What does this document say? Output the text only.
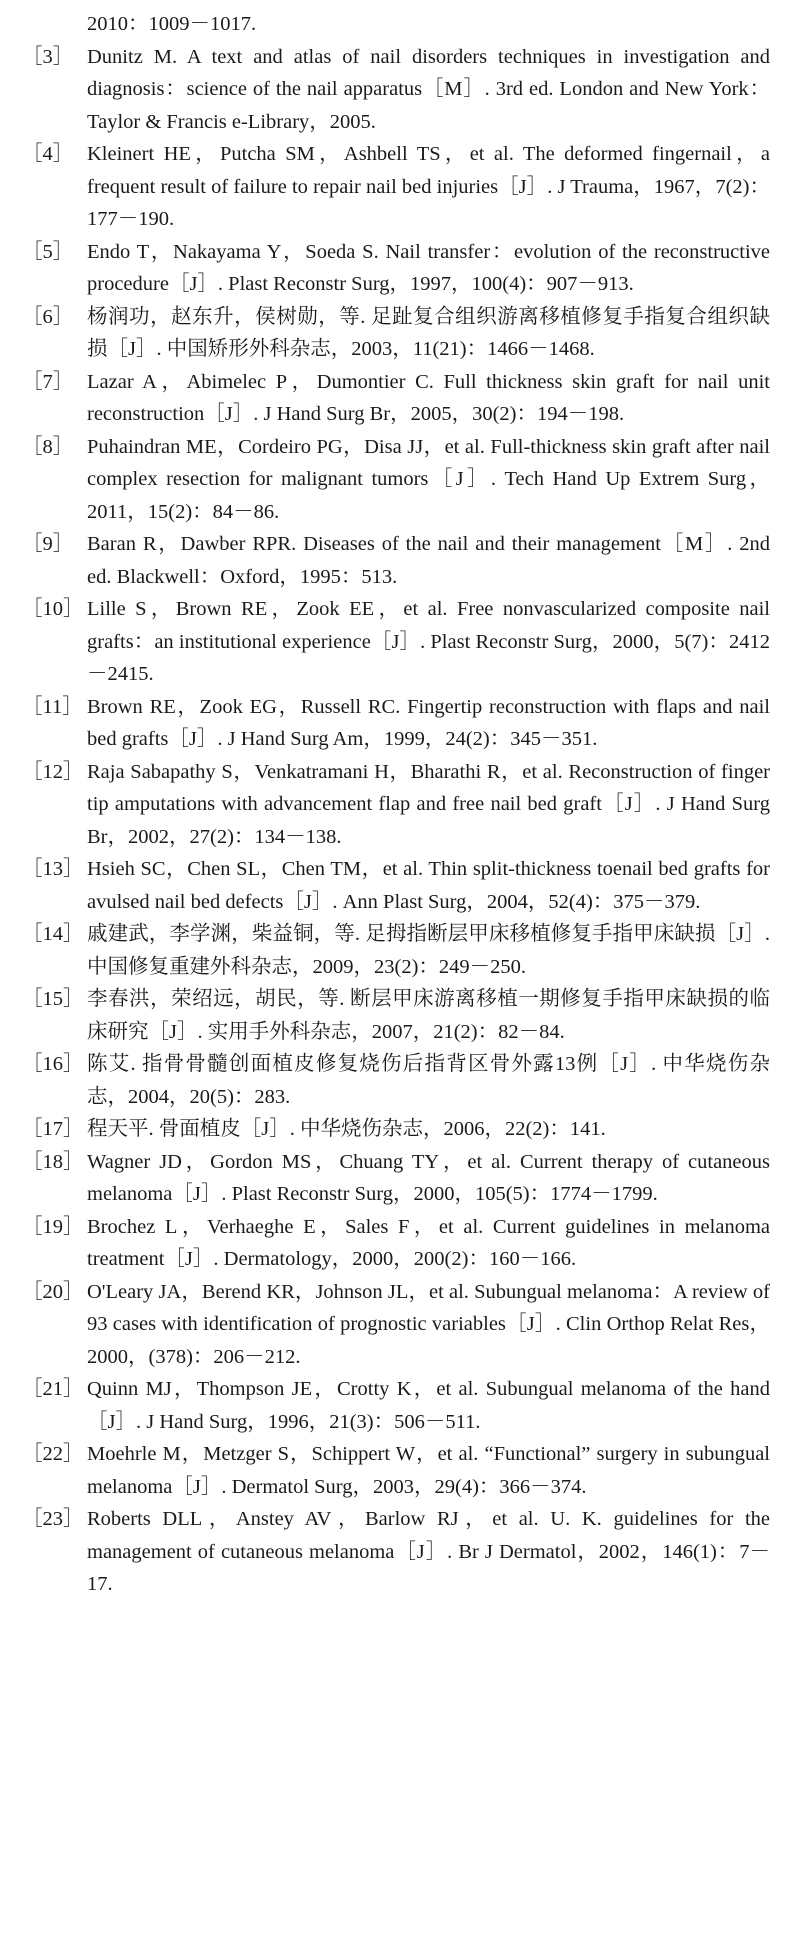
2010：1009－1017.
［3］ Dunitz M. A text and atlas of nail disorders techniques in investigation and diagnosis：science of the nail apparatus［M］. 3rd ed. London and New York：Taylor & Francis e-Library，2005.
［4］ Kleinert HE，Putcha SM，Ashbell TS，et al. The deformed fingernail，a frequent result of failure to repair nail bed injuries［J］. J Trauma，1967，7(2)：177－190.
［5］ Endo T，Nakayama Y，Soeda S. Nail transfer：evolution of the reconstructive procedure［J］. Plast Reconstr Surg，1997，100(4)：907－913.
［6］ 杨润功，赵东升，侯树勋，等. 足趾复合组织游离移植修复手指复合组织缺损［J］. 中国矫形外科杂志，2003，11(21)：1466－1468.
［7］ Lazar A，Abimelec P，Dumontier C. Full thickness skin graft for nail unit reconstruction［J］. J Hand Surg Br，2005，30(2)：194－198.
［8］ Puhaindran ME，Cordeiro PG，Disa JJ，et al. Full-thickness skin graft after nail complex resection for malignant tumors［J］. Tech Hand Up Extrem Surg，2011，15(2)：84－86.
［9］ Baran R，Dawber RPR. Diseases of the nail and their management［M］. 2nd ed. Blackwell：Oxford，1995：513.
［10］ Lille S，Brown RE，Zook EE，et al. Free nonvascularized composite nail grafts：an institutional experience［J］. Plast Reconstr Surg，2000，5(7)：2412－2415.
［11］ Brown RE，Zook EG，Russell RC. Fingertip reconstruction with flaps and nail bed grafts［J］. J Hand Surg Am，1999，24(2)：345－351.
［12］ Raja Sabapathy S，Venkatramani H，Bharathi R，et al. Reconstruction of finger tip amputations with advancement flap and free nail bed graft［J］. J Hand Surg Br，2002，27(2)：134－138.
［13］ Hsieh SC，Chen SL，Chen TM，et al. Thin split-thickness toenail bed grafts for avulsed nail bed defects［J］. Ann Plast Surg，2004，52(4)：375－379.
［14］ 戚建武，李学渊，柴益铜，等. 足拇指断层甲床移植修复手指甲床缺损［J］. 中国修复重建外科杂志，2009，23(2)：249－250.
［15］ 李春洪，荣绍远，胡民，等. 断层甲床游离移植一期修复手指甲床缺损的临床研究［J］. 实用手外科杂志，2007，21(2)：82－84.
［16］ 陈艾. 指骨骨髓创面植皮修复烧伤后指背区骨外露13例［J］. 中华烧伤杂志，2004，20(5)：283.
［17］ 程天平. 骨面植皮［J］. 中华烧伤杂志，2006，22(2)：141.
［18］ Wagner JD，Gordon MS，Chuang TY，et al. Current therapy of cutaneous melanoma［J］. Plast Reconstr Surg，2000，105(5)：1774－1799.
［19］ Brochez L，Verhaeghe E，Sales F，et al. Current guidelines in melanoma treatment［J］. Dermatology，2000，200(2)：160－166.
［20］ O'Leary JA，Berend KR，Johnson JL，et al. Subungual melanoma：A review of 93 cases with identification of prognostic variables［J］. Clin Orthop Relat Res，2000，(378)：206－212.
［21］ Quinn MJ，Thompson JE，Crotty K，et al. Subungual melanoma of the hand［J］. J Hand Surg，1996，21(3)：506－511.
［22］ Moehrle M，Metzger S，Schippert W，et al. “Functional” surgery in subungual melanoma［J］. Dermatol Surg，2003，29(4)：366－374.
［23］ Roberts DLL，Anstey AV，Barlow RJ，et al. U. K. guidelines for the management of cutaneous melanoma［J］. Br J Dermatol，2002，146(1)：7－17.
